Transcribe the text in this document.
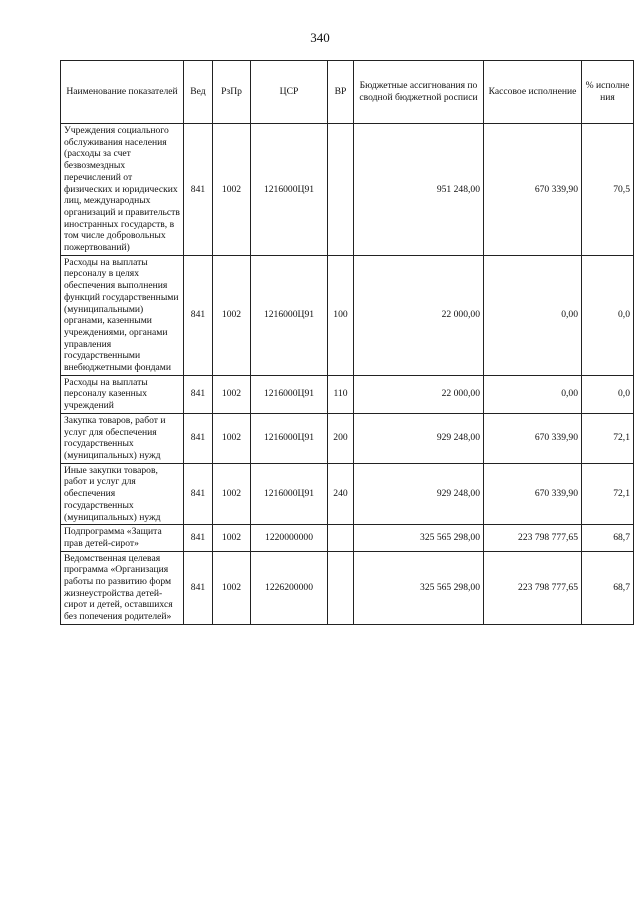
340
Наименование показателей	Вед	РзПр	ЦСР	ВР	Бюджетные ассигнования по сводной бюджетной росписи	Кассовое исполнение	% исполне ния
Учреждения социального обслуживания населения (расходы за счет безвозмездных перечислений от физических и юридических лиц, международных организаций и правительств иностранных государств, в том числе добровольных пожертвований)	841	1002	1216000Ц91		951 248,00	670 339,90	70,5
Расходы на выплаты персоналу в целях обеспечения выполнения функций государственными (муниципальными) органами, казенными учреждениями, органами управления государственными внебюджетными фондами	841	1002	1216000Ц91	100	22 000,00	0,00	0,0
Расходы на выплаты персоналу казенных учреждений	841	1002	1216000Ц91	110	22 000,00	0,00	0,0
Закупка товаров, работ и услуг для обеспечения государственных (муниципальных) нужд	841	1002	1216000Ц91	200	929 248,00	670 339,90	72,1
Иные закупки товаров, работ и услуг для обеспечения государственных (муниципальных) нужд	841	1002	1216000Ц91	240	929 248,00	670 339,90	72,1
Подпрограмма «Защита прав детей-сирот»	841	1002	1220000000		325 565 298,00	223 798 777,65	68,7
Ведомственная целевая программа «Организация работы по развитию форм жизнеустройства детей-сирот и детей, оставшихся без попечения родителей»	841	1002	1226200000		325 565 298,00	223 798 777,65	68,7
